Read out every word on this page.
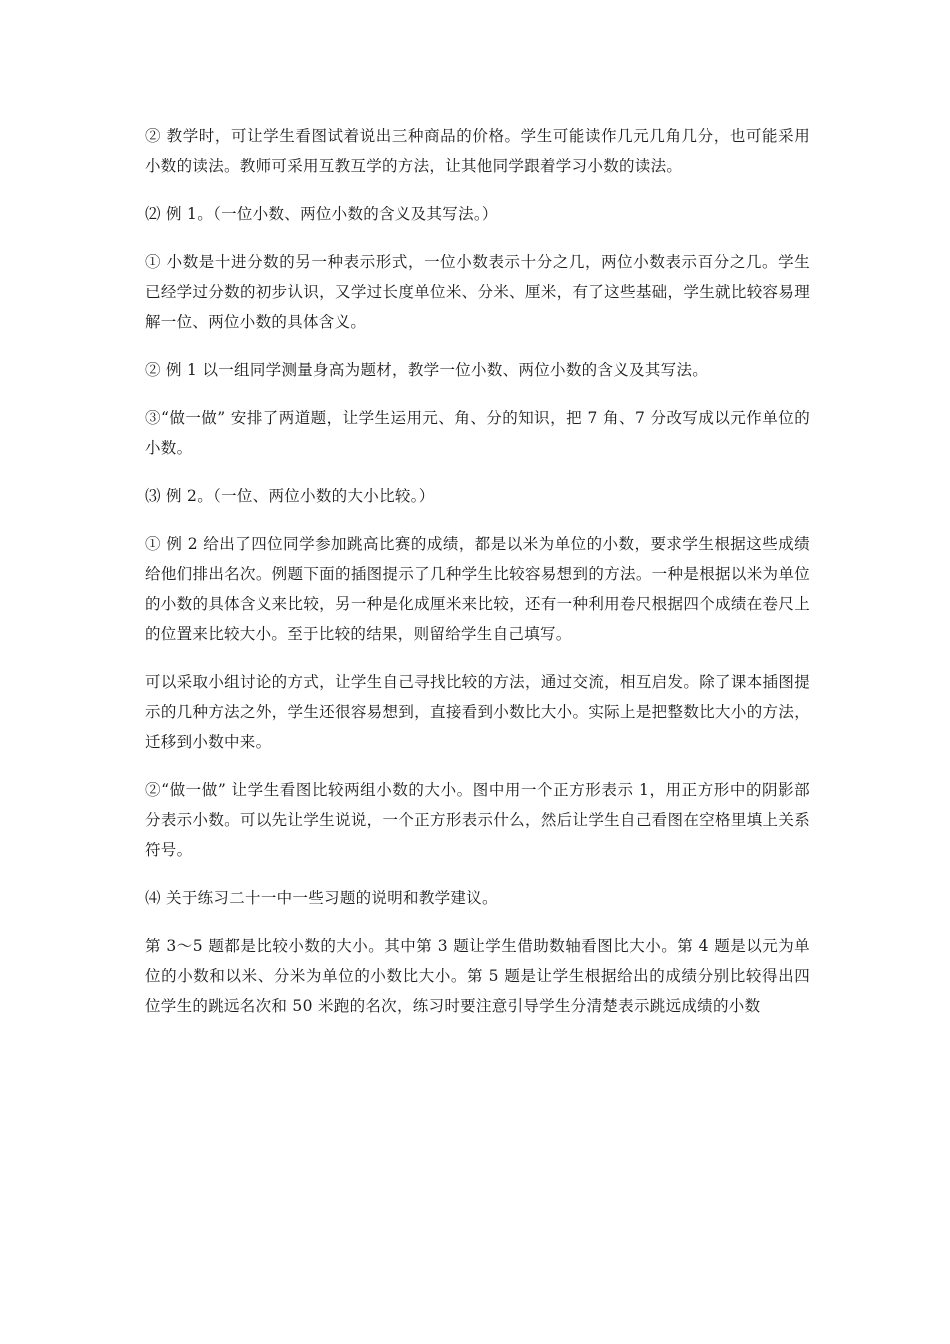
② 教学时，可让学生看图试着说出三种商品的价格。学生可能读作几元几角几分，也可能采用小数的读法。教师可采用互教互学的方法，让其他同学跟着学习小数的读法。

⑵ 例 1。（一位小数、两位小数的含义及其写法。）

① 小数是十进分数的另一种表示形式，一位小数表示十分之几，两位小数表示百分之几。学生已经学过分数的初步认识，又学过长度单位米、分米、厘米，有了这些基础，学生就比较容易理解一位、两位小数的具体含义。

② 例 1 以一组同学测量身高为题材，教学一位小数、两位小数的含义及其写法。

③“做一做” 安排了两道题，让学生运用元、角、分的知识，把 7 角、7 分改写成以元作单位的小数。

⑶ 例 2。（一位、两位小数的大小比较。）

① 例 2 给出了四位同学参加跳高比赛的成绩，都是以米为单位的小数，要求学生根据这些成绩给他们排出名次。例题下面的插图提示了几种学生比较容易想到的方法。一种是根据以米为单位的小数的具体含义来比较，另一种是化成厘米来比较，还有一种利用卷尺根据四个成绩在卷尺上的位置来比较大小。至于比较的结果，则留给学生自己填写。

可以采取小组讨论的方式，让学生自己寻找比较的方法，通过交流，相互启发。除了课本插图提示的几种方法之外，学生还很容易想到，直接看到小数比大小。实际上是把整数比大小的方法，迁移到小数中来。

②“做一做” 让学生看图比较两组小数的大小。图中用一个正方形表示 1，用正方形中的阴影部分表示小数。可以先让学生说说，一个正方形表示什么，然后让学生自己看图在空格里填上关系符号。

⑷ 关于练习二十一中一些习题的说明和教学建议。

第 3～5 题都是比较小数的大小。其中第 3 题让学生借助数轴看图比大小。第 4 题是以元为单位的小数和以米、分米为单位的小数比大小。第 5 题是让学生根据给出的成绩分别比较得出四位学生的跳远名次和 50 米跑的名次，练习时要注意引导学生分清楚表示跳远成绩的小数
